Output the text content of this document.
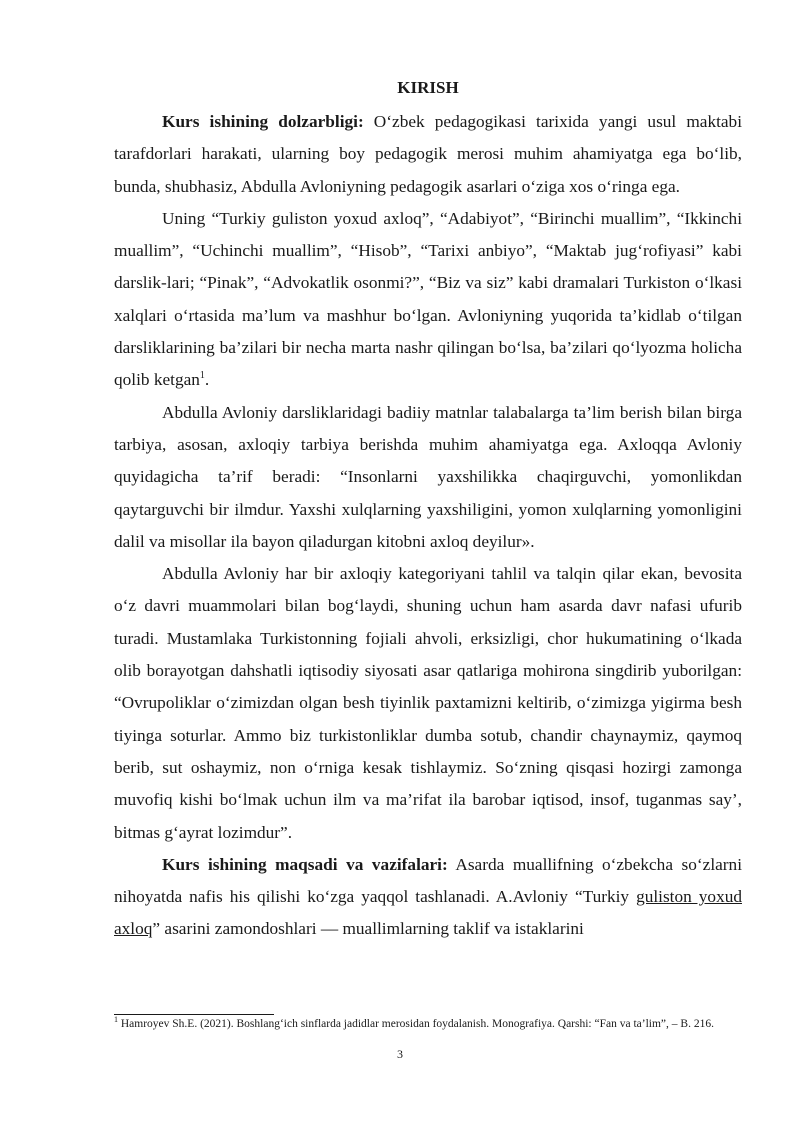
KIRISH

Kurs ishining dolzarbligi: O‘zbek pedagogikasi tarixida yangi usul maktabi tarafdorlari harakati, ularning boy pedagogik merosi muhim ahamiyatga ega bo‘lib, bunda, shubhasiz, Abdulla Avloniyning pedagogik asarlari o‘ziga xos o‘ringa ega.

Uning “Turkiy guliston yoxud axloq”, “Adabiyot”, “Birinchi muallim”, “Ikkinchi muallim”, “Uchinchi muallim”, “Hisob”, “Tarixi anbiyo”, “Maktab jug‘rofiyasi” kabi darslik-lari; “Pinak”, “Advokatlik osonmi?”, “Biz va siz” kabi dramalari Turkiston o‘lkasi xalqlari o‘rtasida ma’lum va mashhur bo‘lgan. Avloniyning yuqorida ta’kidlab o‘tilgan darsliklarining ba’zilari bir necha marta nashr qilingan bo‘lsa, ba’zilari qo‘lyozma holicha qolib ketgan$^1$.

Abdulla Avloniy darsliklaridagi badiiy matnlar talabalarga ta’lim berish bilan birga tarbiya, asosan, axloqiy tarbiya berishda muhim ahamiyatga ega. Axloqqa Avloniy quyidagicha ta’rif beradi: “Insonlarni yaxshilikka chaqirguvchi, yomonlikdan qaytarguvchi bir ilmdur. Yaxshi xulqlarning yaxshiligini, yomon xulqlarning yomonligini dalil va misollar ila bayon qiladurgan kitobni axloq deyilur».

Abdulla Avloniy har bir axloqiy kategoriyani tahlil va talqin qilar ekan, bevosita o‘z davri muammolari bilan bog‘laydi, shuning uchun ham asarda davr nafasi ufurib turadi. Mustamlaka Turkistonning fojiali ahvoli, erksizligi, chor hukumatining o‘lkada olib borayotgan dahshatli iqtisodiy siyosati asar qatlariga mohirona singdirib yuborilgan: “Ovrupoliklar o‘zimizdan olgan besh tiyinlik paxtamizni keltirib, o‘zimizga yigirma besh tiyinga soturlar. Ammo biz turkistonliklar dumba sotub, chandir chaynaymiz, qaymoq berib, sut oshaymiz, non o‘rniga kesak tishlaymiz. So‘zning qisqasi hozirgi zamonga muvofiq kishi bo‘lmak uchun ilm va ma’rifat ila barobar iqtisod, insof, tuganmas say’, bitmas g‘ayrat lozimdur”.

Kurs ishining maqsadi va vazifalari: Asarda muallifning o‘zbekcha so‘zlarni nihoyatda nafis his qilishi ko‘zga yaqqol tashlanadi. A.Avloniy “Turkiy guliston yoxud axloq” asarini zamondoshlari — muallimlarning taklif va istaklarini

$^1$ Hamroyev Sh.E. (2021). Boshlang‘ich sinflarda jadidlar merosidan foydalanish. Monografiya. Qarshi: “Fan va ta’lim”, – B. 216.

3
